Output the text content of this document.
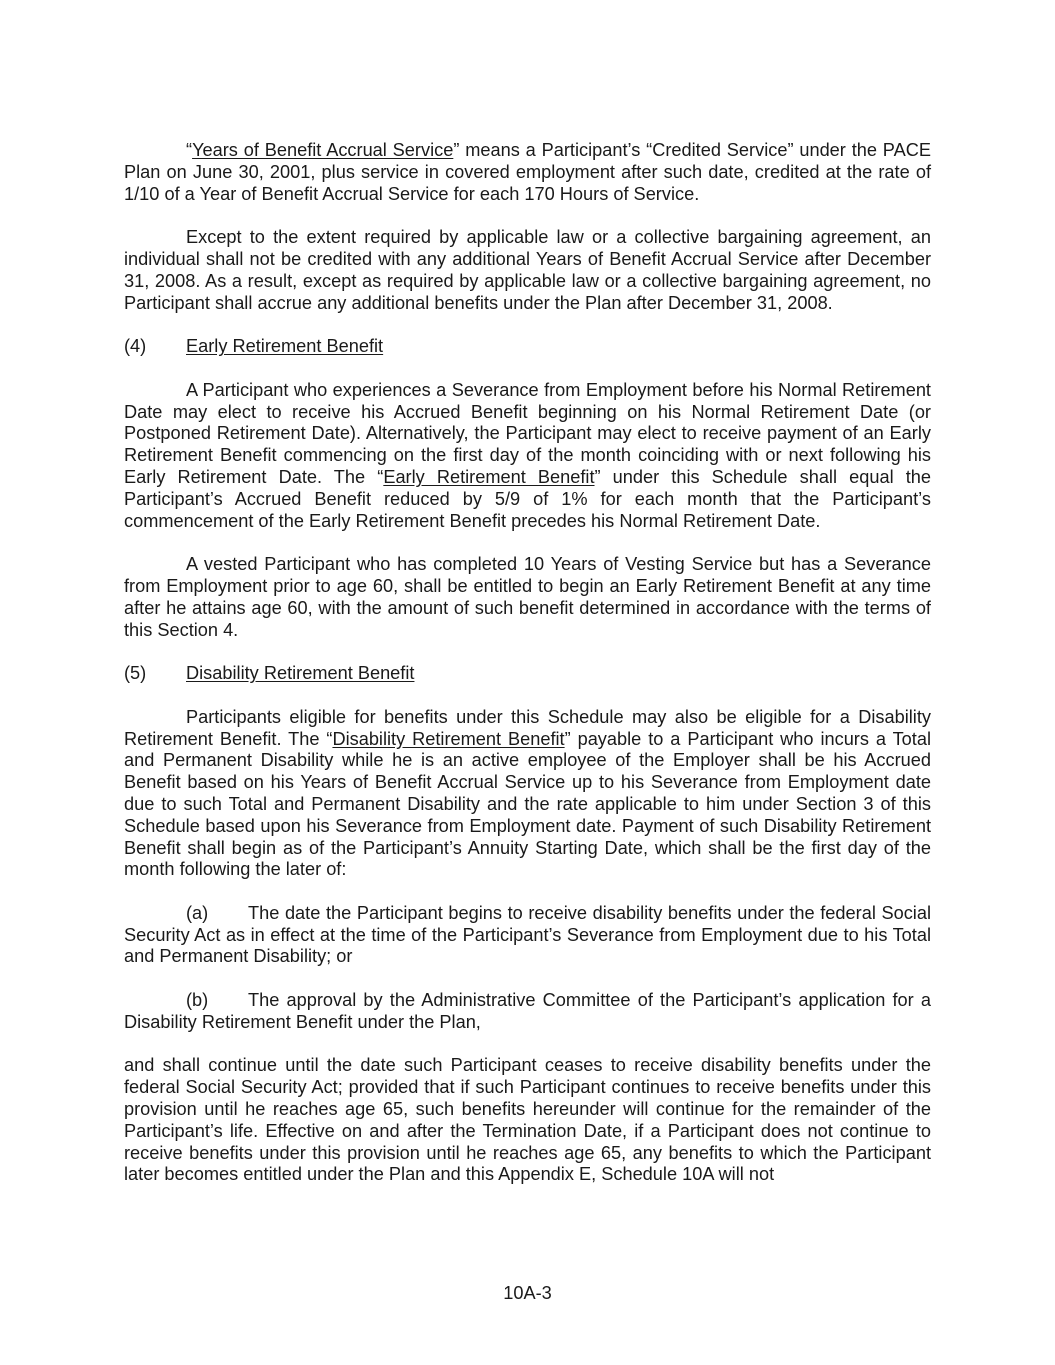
“Years of Benefit Accrual Service” means a Participant’s “Credited Service” under the PACE Plan on June 30, 2001, plus service in covered employment after such date, credited at the rate of 1/10 of a Year of Benefit Accrual Service for each 170 Hours of Service.

Except to the extent required by applicable law or a collective bargaining agreement, an individual shall not be credited with any additional Years of Benefit Accrual Service after December 31, 2008. As a result, except as required by applicable law or a collective bargaining agreement, no Participant shall accrue any additional benefits under the Plan after December 31, 2008.

(4) Early Retirement Benefit

A Participant who experiences a Severance from Employment before his Normal Retirement Date may elect to receive his Accrued Benefit beginning on his Normal Retirement Date (or Postponed Retirement Date). Alternatively, the Participant may elect to receive payment of an Early Retirement Benefit commencing on the first day of the month coinciding with or next following his Early Retirement Date. The “Early Retirement Benefit” under this Schedule shall equal the Participant’s Accrued Benefit reduced by 5/9 of 1% for each month that the Participant’s commencement of the Early Retirement Benefit precedes his Normal Retirement Date.

A vested Participant who has completed 10 Years of Vesting Service but has a Severance from Employment prior to age 60, shall be entitled to begin an Early Retirement Benefit at any time after he attains age 60, with the amount of such benefit determined in accordance with the terms of this Section 4.

(5) Disability Retirement Benefit

Participants eligible for benefits under this Schedule may also be eligible for a Disability Retirement Benefit. The “Disability Retirement Benefit” payable to a Participant who incurs a Total and Permanent Disability while he is an active employee of the Employer shall be his Accrued Benefit based on his Years of Benefit Accrual Service up to his Severance from Employment date due to such Total and Permanent Disability and the rate applicable to him under Section 3 of this Schedule based upon his Severance from Employment date. Payment of such Disability Retirement Benefit shall begin as of the Participant’s Annuity Starting Date, which shall be the first day of the month following the later of:

(a) The date the Participant begins to receive disability benefits under the federal Social Security Act as in effect at the time of the Participant’s Severance from Employment due to his Total and Permanent Disability; or

(b) The approval by the Administrative Committee of the Participant’s application for a Disability Retirement Benefit under the Plan,

and shall continue until the date such Participant ceases to receive disability benefits under the federal Social Security Act; provided that if such Participant continues to receive benefits under this provision until he reaches age 65, such benefits hereunder will continue for the remainder of the Participant’s life. Effective on and after the Termination Date, if a Participant does not continue to receive benefits under this provision until he reaches age 65, any benefits to which the Participant later becomes entitled under the Plan and this Appendix E, Schedule 10A will not

10A-3
